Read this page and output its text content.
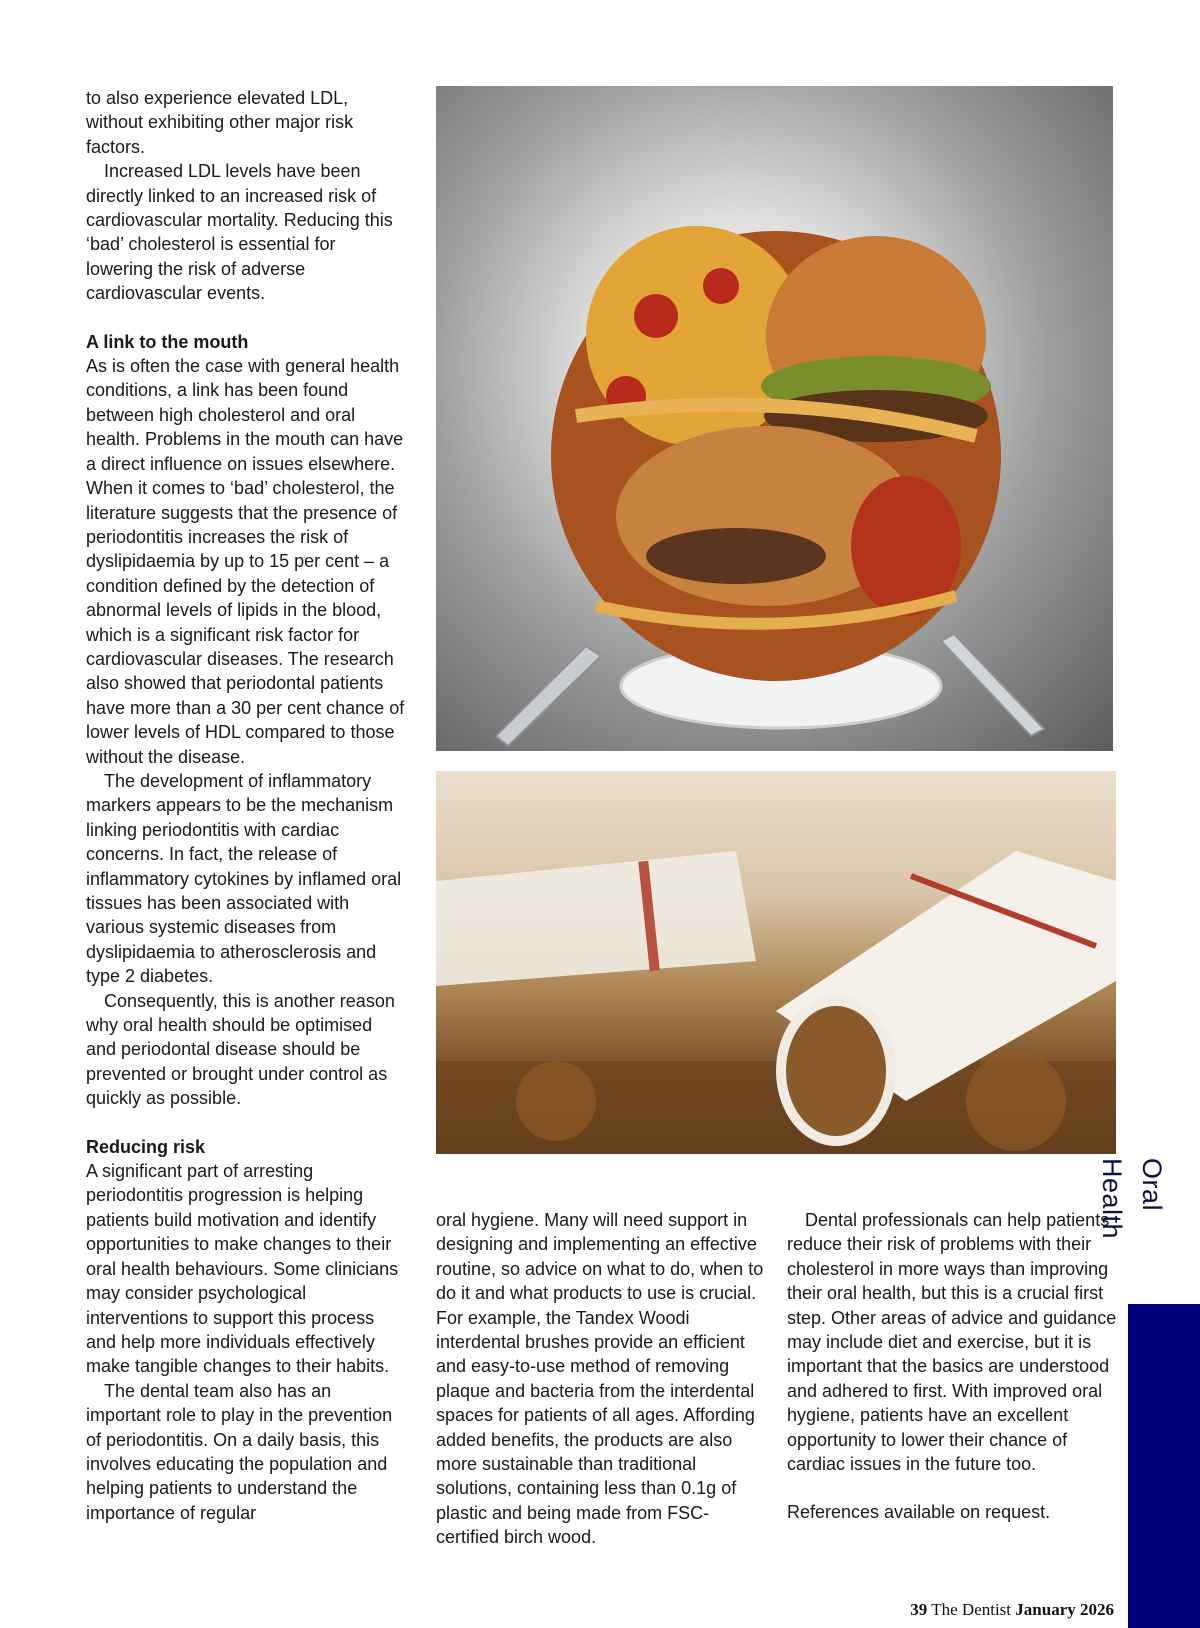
to also experience elevated LDL, without exhibiting other major risk factors.

Increased LDL levels have been directly linked to an increased risk of cardiovascular mortality. Reducing this ‘bad’ cholesterol is essential for lowering the risk of adverse cardiovascular events.

A link to the mouth

As is often the case with general health conditions, a link has been found between high cholesterol and oral health. Problems in the mouth can have a direct influence on issues elsewhere. When it comes to ‘bad’ cholesterol, the literature suggests that the presence of periodontitis increases the risk of dyslipidaemia by up to 15 per cent – a condition defined by the detection of abnormal levels of lipids in the blood, which is a significant risk factor for cardiovascular diseases. The research also showed that periodontal patients have more than a 30 per cent chance of lower levels of HDL compared to those without the disease.

The development of inflammatory markers appears to be the mechanism linking periodontitis with cardiac concerns. In fact, the release of inflammatory cytokines by inflamed oral tissues has been associated with various systemic diseases from dyslipidaemia to atherosclerosis and type 2 diabetes.

Consequently, this is another reason why oral health should be optimised and periodontal disease should be prevented or brought under control as quickly as possible.

Reducing risk

A significant part of arresting periodontitis progression is helping patients build motivation and identify opportunities to make changes to their oral health behaviours. Some clinicians may consider psychological interventions to support this process and help more individuals effectively make tangible changes to their habits.

The dental team also has an important role to play in the prevention of periodontitis. On a daily basis, this involves educating the population and helping patients to understand the importance of regular

oral hygiene. Many will need support in designing and implementing an effective routine, so advice on what to do, when to do it and what products to use is crucial. For example, the Tandex Woodi interdental brushes provide an efficient and easy-to-use method of removing plaque and bacteria from the interdental spaces for patients of all ages. Affording added benefits, the products are also more sustainable than traditional solutions, containing less than 0.1g of plastic and being made from FSC-certified birch wood.

Dental professionals can help patients reduce their risk of problems with their cholesterol in more ways than improving their oral health, but this is a crucial first step. Other areas of advice and guidance may include diet and exercise, but it is important that the basics are understood and adhered to first. With improved oral hygiene, patients have an excellent opportunity to lower their chance of cardiac issues in the future too.

References available on request.

Oral Health
39 The Dentist January 2026
